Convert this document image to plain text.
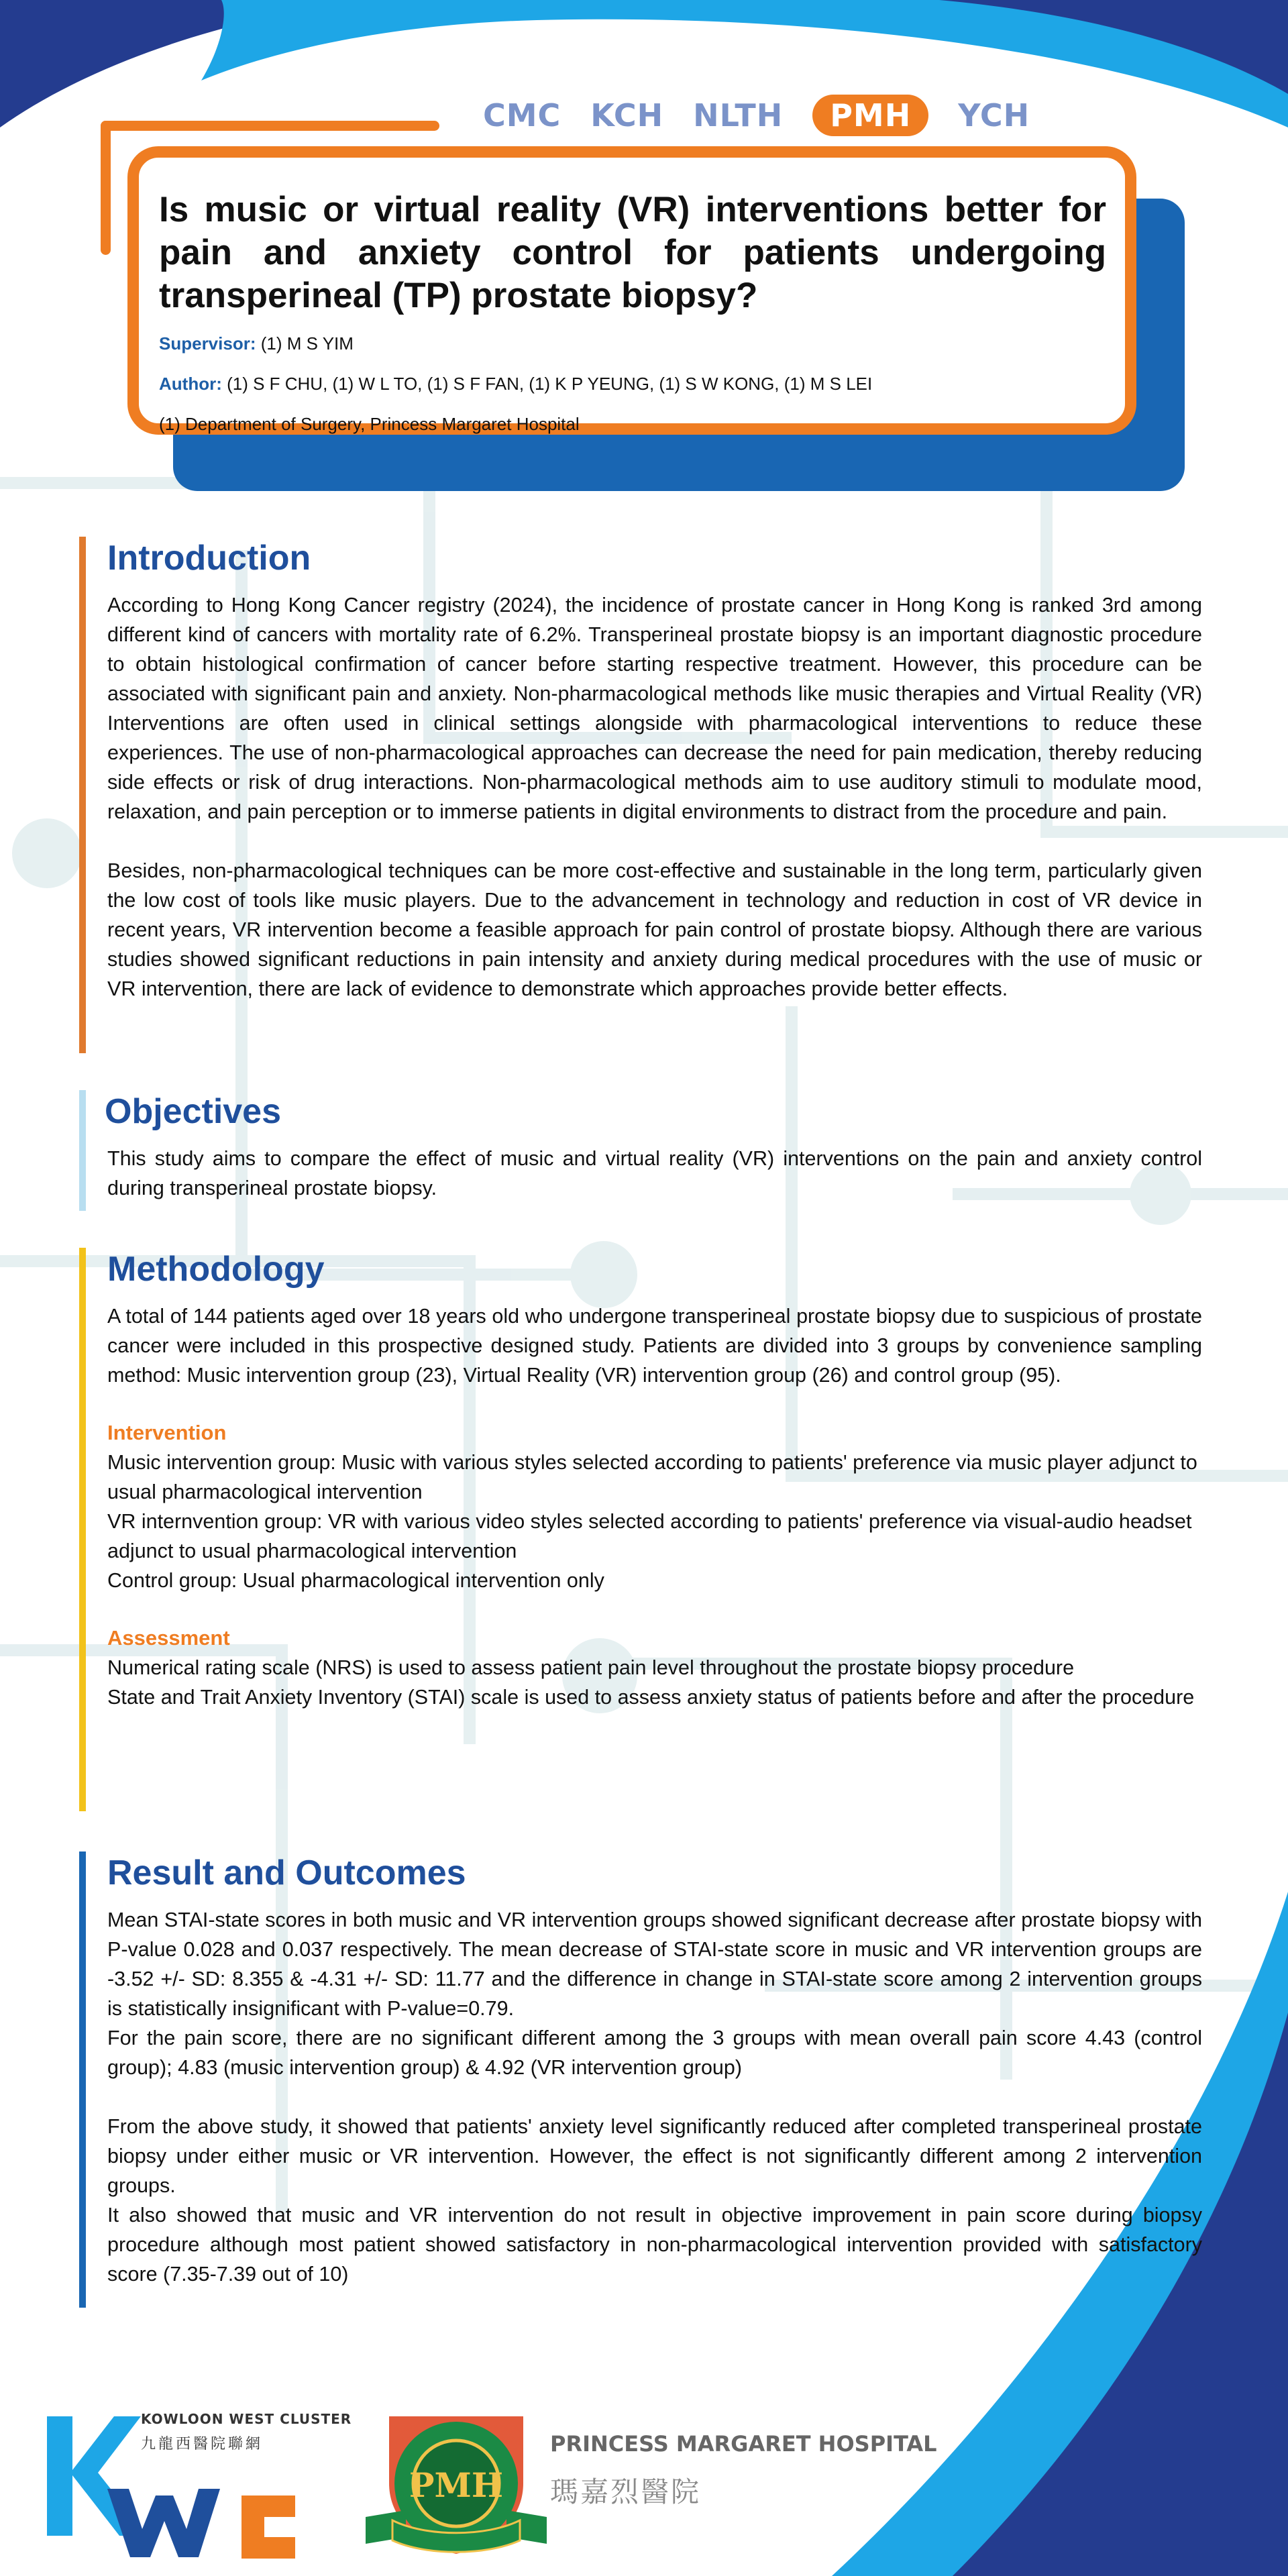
CMC KCH NLTH	PMH	YCH
Is music or virtual reality (VR) interventions better for pain and anxiety control for patients undergoing transperineal (TP) prostate biopsy?

Supervisor: (1) M S YIM

Author: (1) S F CHU, (1) W L TO, (1) S F FAN, (1) K P YEUNG, (1) S W KONG, (1) M S LEI

(1) Department of Surgery, Princess Margaret Hospital

Introduction

According to Hong Kong Cancer registry (2024), the incidence of prostate cancer in Hong Kong is ranked 3rd among different kind of cancers with mortality rate of 6.2%. Transperineal prostate biopsy is an important diagnostic procedure to obtain histological confirmation of cancer before starting respective treatment. However, this procedure can be associated with significant pain and anxiety. Non-pharmacological methods like music therapies and Virtual Reality (VR) Interventions are often used in clinical settings alongside with pharmacological interventions to reduce these experiences. The use of non-pharmacological approaches can decrease the need for pain medication, thereby reducing side effects or risk of drug interactions. Non-pharmacological methods aim to use auditory stimuli to modulate mood, relaxation, and pain perception or to immerse patients in digital environments to distract from the procedure and pain.

Besides, non-pharmacological techniques can be more cost-effective and sustainable in the long term, particularly given the low cost of tools like music players. Due to the advancement in technology and reduction in cost of VR device in recent years, VR intervention become a feasible approach for pain control of prostate biopsy. Although there are various studies showed significant reductions in pain intensity and anxiety during medical procedures with the use of music or VR intervention, there are lack of evidence to demonstrate which approaches provide better effects.

Objectives

This study aims to compare the effect of music and virtual reality (VR) interventions on the pain and anxiety control during transperineal prostate biopsy.

Methodology

A total of 144 patients aged over 18 years old who undergone transperineal prostate biopsy due to suspicious of prostate cancer were included in this prospective designed study. Patients are divided into 3 groups by convenience sampling method: Music intervention group (23), Virtual Reality (VR) intervention group (26) and control group (95).

Intervention

Music intervention group: Music with various styles selected according to patients' preference via music player adjunct to usual pharmacological intervention

VR internvention group: VR with various video styles selected according to patients' preference via visual-audio headset adjunct to usual pharmacological intervention

Control group: Usual pharmacological intervention only

Assessment

Numerical rating scale (NRS) is used to assess patient pain level throughout the prostate biopsy procedure

State and Trait Anxiety Inventory (STAI) scale is used to assess anxiety status of patients before and after the procedure

Result and Outcomes

Mean STAI-state scores in both music and VR intervention groups showed significant decrease after prostate biopsy with P-value 0.028 and 0.037 respectively. The mean decrease of STAI-state score in music and VR intervention groups are -3.52 +/- SD: 8.355 & -4.31 +/- SD: 11.77 and the difference in change in STAI-state score among 2 intervention groups is statistically insignificant with P-value=0.79.

For the pain score, there are no significant different among the 3 groups with mean overall pain score 4.43 (control group); 4.83 (music intervention group) & 4.92 (VR intervention group)

From the above study, it showed that patients' anxiety level significantly reduced after completed transperineal prostate biopsy under either music or VR intervention. However, the effect is not significantly different among 2 intervention groups.

It also showed that music and VR intervention do not result in objective improvement in pain score during biopsy procedure although most patient showed satisfactory in non-pharmacological intervention provided with satisfactory score (7.35-7.39 out of 10)

KOWLOON WEST CLUSTER
九龍西醫院聯網
PMH
PRINCESS MARGARET HOSPITAL
瑪嘉烈醫院
